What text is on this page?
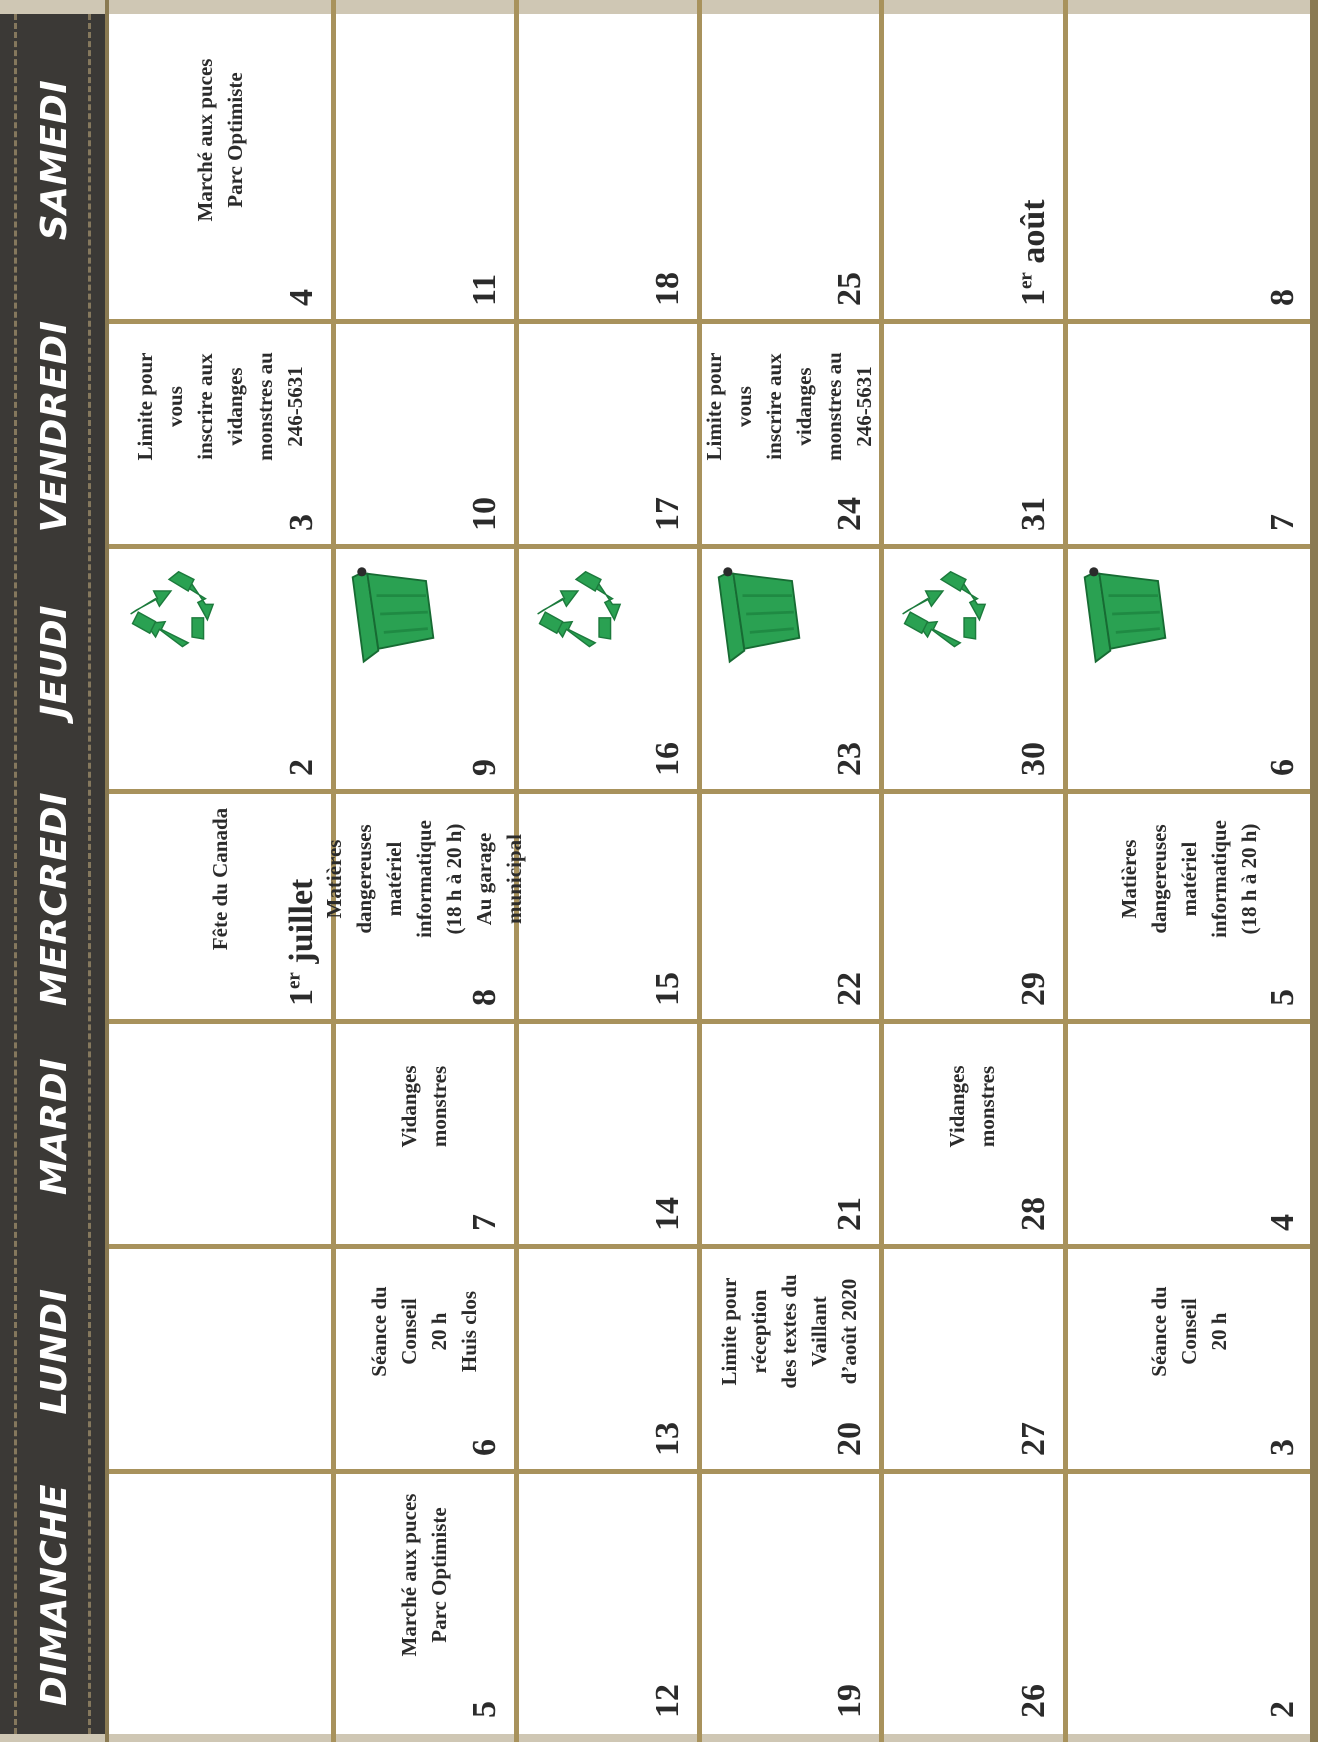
DIMANCHE
LUNDI
MARDI
MERCREDI
JEUDI
VENDREDI
SAMEDI
1er juillet
Fête du Canada
2
3
Limite pour vous inscrire aux vidanges monstres au 246-5631
4
Marché aux puces Parc Optimiste
5
Marché aux puces Parc Optimiste
6
Séance du Conseil 20 h Huis clos
7
Vidanges monstres
8
Matières dangereuses matériel informatique (18 h à 20 h) Au garage municipal
9
10
11
12
13
14
15
16
17
18
19
20
Limite pour réception des textes du Vaillant d’août 2020
21
22
23
24
Limite pour vous inscrire aux vidanges monstres au 246-5631
25
26
27
28
Vidanges monstres
29
30
31
1er août
2
3
Séance du Conseil 20 h
4
5
Matières dangereuses matériel informatique (18 h à 20 h)
6
7
8
